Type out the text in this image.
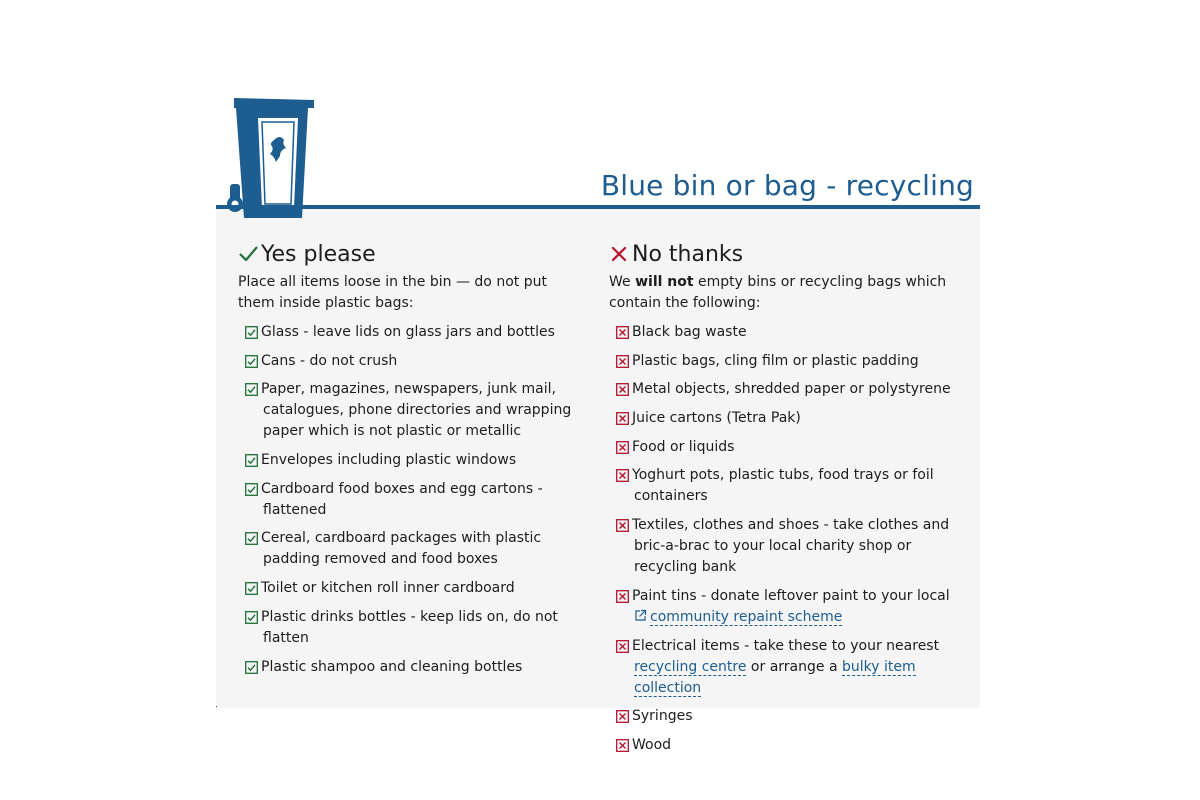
Blue bin or bag - recycling
Yes please

Place all items loose in the bin — do not put them inside plastic bags:

Glass - leave lids on glass jars and bottles
Cans - do not crush
Paper, magazines, newspapers, junk mail, catalogues, phone directories and wrapping paper which is not plastic or metallic
Envelopes including plastic windows
Cardboard food boxes and egg cartons - flattened
Cereal, cardboard packages with plastic padding removed and food boxes
Toilet or kitchen roll inner cardboard
Plastic drinks bottles - keep lids on, do not flatten
Plastic shampoo and cleaning bottles
No thanks

We will not empty bins or recycling bags which contain the following:

Black bag waste
Plastic bags, cling film or plastic padding
Metal objects, shredded paper or polystyrene
Juice cartons (Tetra Pak)
Food or liquids
Yoghurt pots, plastic tubs, food trays or foil containers
Textiles, clothes and shoes - take clothes and bric-a-brac to your local charity shop or recycling bank
Paint tins - donate leftover paint to your local
community repaint scheme
Electrical items - take these to your nearest
recycling centre or arrange a bulky item collection
Syringes
Wood
